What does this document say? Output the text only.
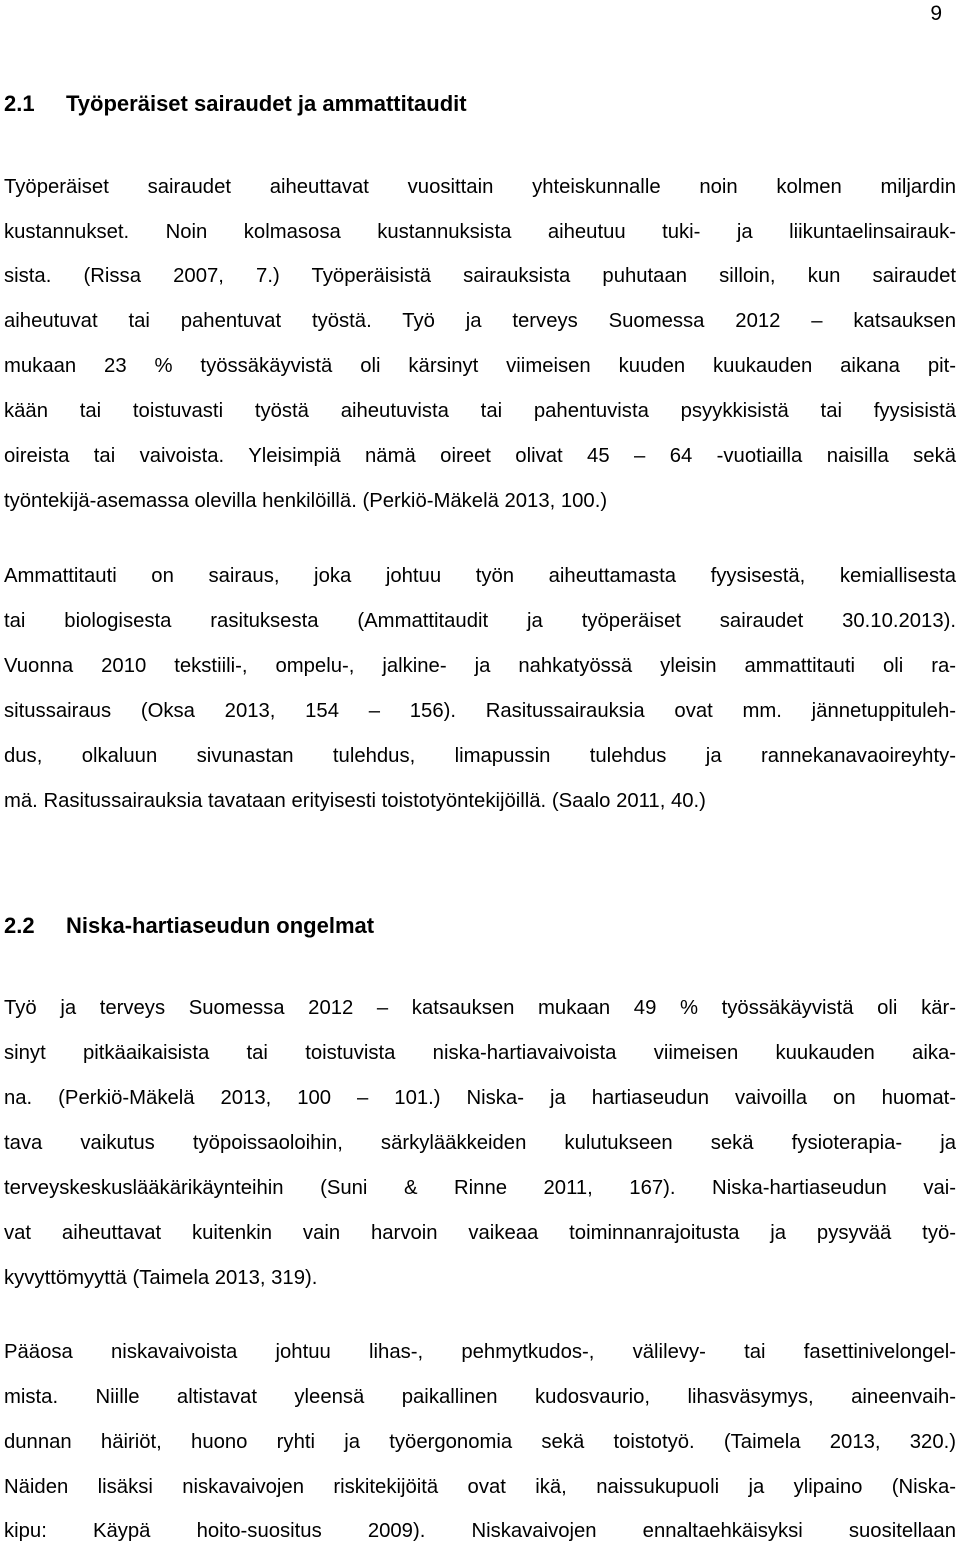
9
2.1 Työperäiset sairaudet ja ammattitaudit
Työperäiset sairaudet aiheuttavat vuosittain yhteiskunnalle noin kolmen miljardin
kustannukset. Noin kolmasosa kustannuksista aiheutuu tuki- ja liikuntaelinsairauk-
sista. (Rissa 2007, 7.) Työperäisistä sairauksista puhutaan silloin, kun sairaudet
aiheutuvat tai pahentuvat työstä. Työ ja terveys Suomessa 2012 – katsauksen
mukaan 23 % työssäkäyvistä oli kärsinyt viimeisen kuuden kuukauden aikana pit-
kään tai toistuvasti työstä aiheutuvista tai pahentuvista psyykkisistä tai fyysisistä
oireista tai vaivoista. Yleisimpiä nämä oireet olivat 45 – 64 -vuotiailla naisilla sekä
työntekijä-asemassa olevilla henkilöillä. (Perkiö-Mäkelä 2013, 100.)
Ammattitauti on sairaus, joka johtuu työn aiheuttamasta fyysisestä, kemiallisesta
tai biologisesta rasituksesta (Ammattitaudit ja työperäiset sairaudet 30.10.2013).
Vuonna 2010 tekstiili-, ompelu-, jalkine- ja nahkatyössä yleisin ammattitauti oli ra-
situssairaus (Oksa 2013, 154 – 156). Rasitussairauksia ovat mm. jännetuppituleh-
dus, olkaluun sivunastan tulehdus, limapussin tulehdus ja rannekanavaoireyhty-
mä. Rasitussairauksia tavataan erityisesti toistotyöntekijöillä. (Saalo 2011, 40.)
2.2 Niska-hartiaseudun ongelmat
Työ ja terveys Suomessa 2012 – katsauksen mukaan 49 % työssäkäyvistä oli kär-
sinyt pitkäaikaisista tai toistuvista niska-hartiavaivoista viimeisen kuukauden aika-
na. (Perkiö-Mäkelä 2013, 100 – 101.) Niska- ja hartiaseudun vaivoilla on huomat-
tava vaikutus työpoissaoloihin, särkylääkkeiden kulutukseen sekä fysioterapia- ja
terveyskeskuslääkärikäynteihin (Suni & Rinne 2011, 167). Niska-hartiaseudun vai-
vat aiheuttavat kuitenkin vain harvoin vaikeaa toiminnanrajoitusta ja pysyvää työ-
kyvyttömyyttä (Taimela 2013, 319).
Pääosa niskavaivoista johtuu lihas-, pehmytkudos-, välilevy- tai fasettinivelongel-
mista. Niille altistavat yleensä paikallinen kudosvaurio, lihasväsymys, aineenvaih-
dunnan häiriöt, huono ryhti ja työergonomia sekä toistotyö. (Taimela 2013, 320.)
Näiden lisäksi niskavaivojen riskitekijöitä ovat ikä, naissukupuoli ja ylipaino (Niska-
kipu: Käypä hoito-suositus 2009). Niskavaivojen ennaltaehkäisyksi suositellaan
